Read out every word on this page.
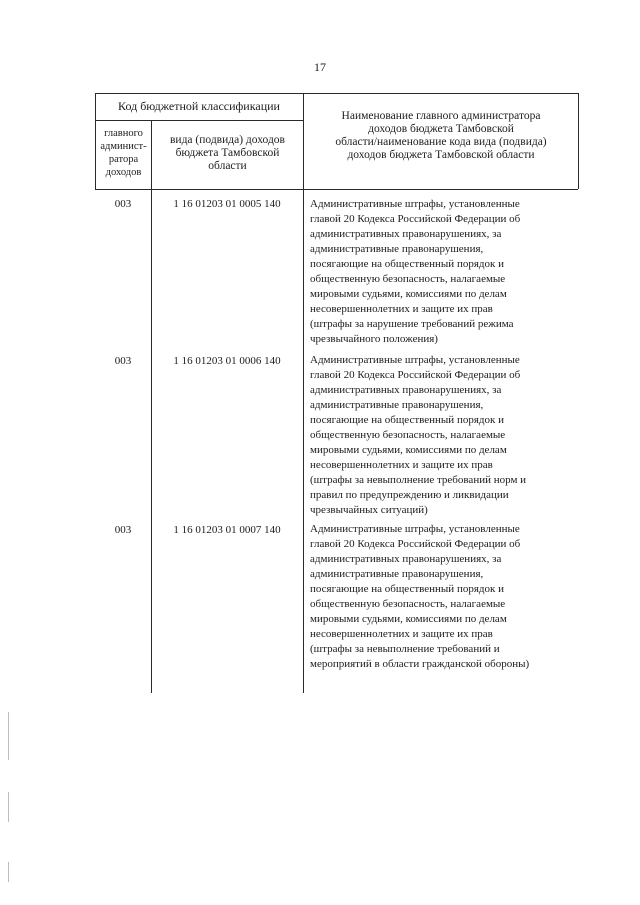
17
Код бюджетной классификации
главного
админист-
ратора
доходов
вида (подвида) доходов
бюджета Тамбовской
области
Наименование главного администратора
доходов бюджета Тамбовской
области/наименование кода вида (подвида)
доходов бюджета Тамбовской области
003	1 16 01203 01 0005 140	Административные штрафы, установленные
главой 20 Кодекса Российской Федерации об
административных правонарушениях, за
административные правонарушения,
посягающие на общественный порядок и
общественную безопасность, налагаемые
мировыми судьями, комиссиями по делам
несовершеннолетних и защите их прав
(штрафы за нарушение требований режима
чрезвычайного положения)
003	1 16 01203 01 0006 140	Административные штрафы, установленные
главой 20 Кодекса Российской Федерации об
административных правонарушениях, за
административные правонарушения,
посягающие на общественный порядок и
общественную безопасность, налагаемые
мировыми судьями, комиссиями по делам
несовершеннолетних и защите их прав
(штрафы за невыполнение требований норм и
правил по предупреждению и ликвидации
чрезвычайных ситуаций)
003	1 16 01203 01 0007 140	Административные штрафы, установленные
главой 20 Кодекса Российской Федерации об
административных правонарушениях, за
административные правонарушения,
посягающие на общественный порядок и
общественную безопасность, налагаемые
мировыми судьями, комиссиями по делам
несовершеннолетних и защите их прав
(штрафы за невыполнение требований и
мероприятий в области гражданской обороны)
